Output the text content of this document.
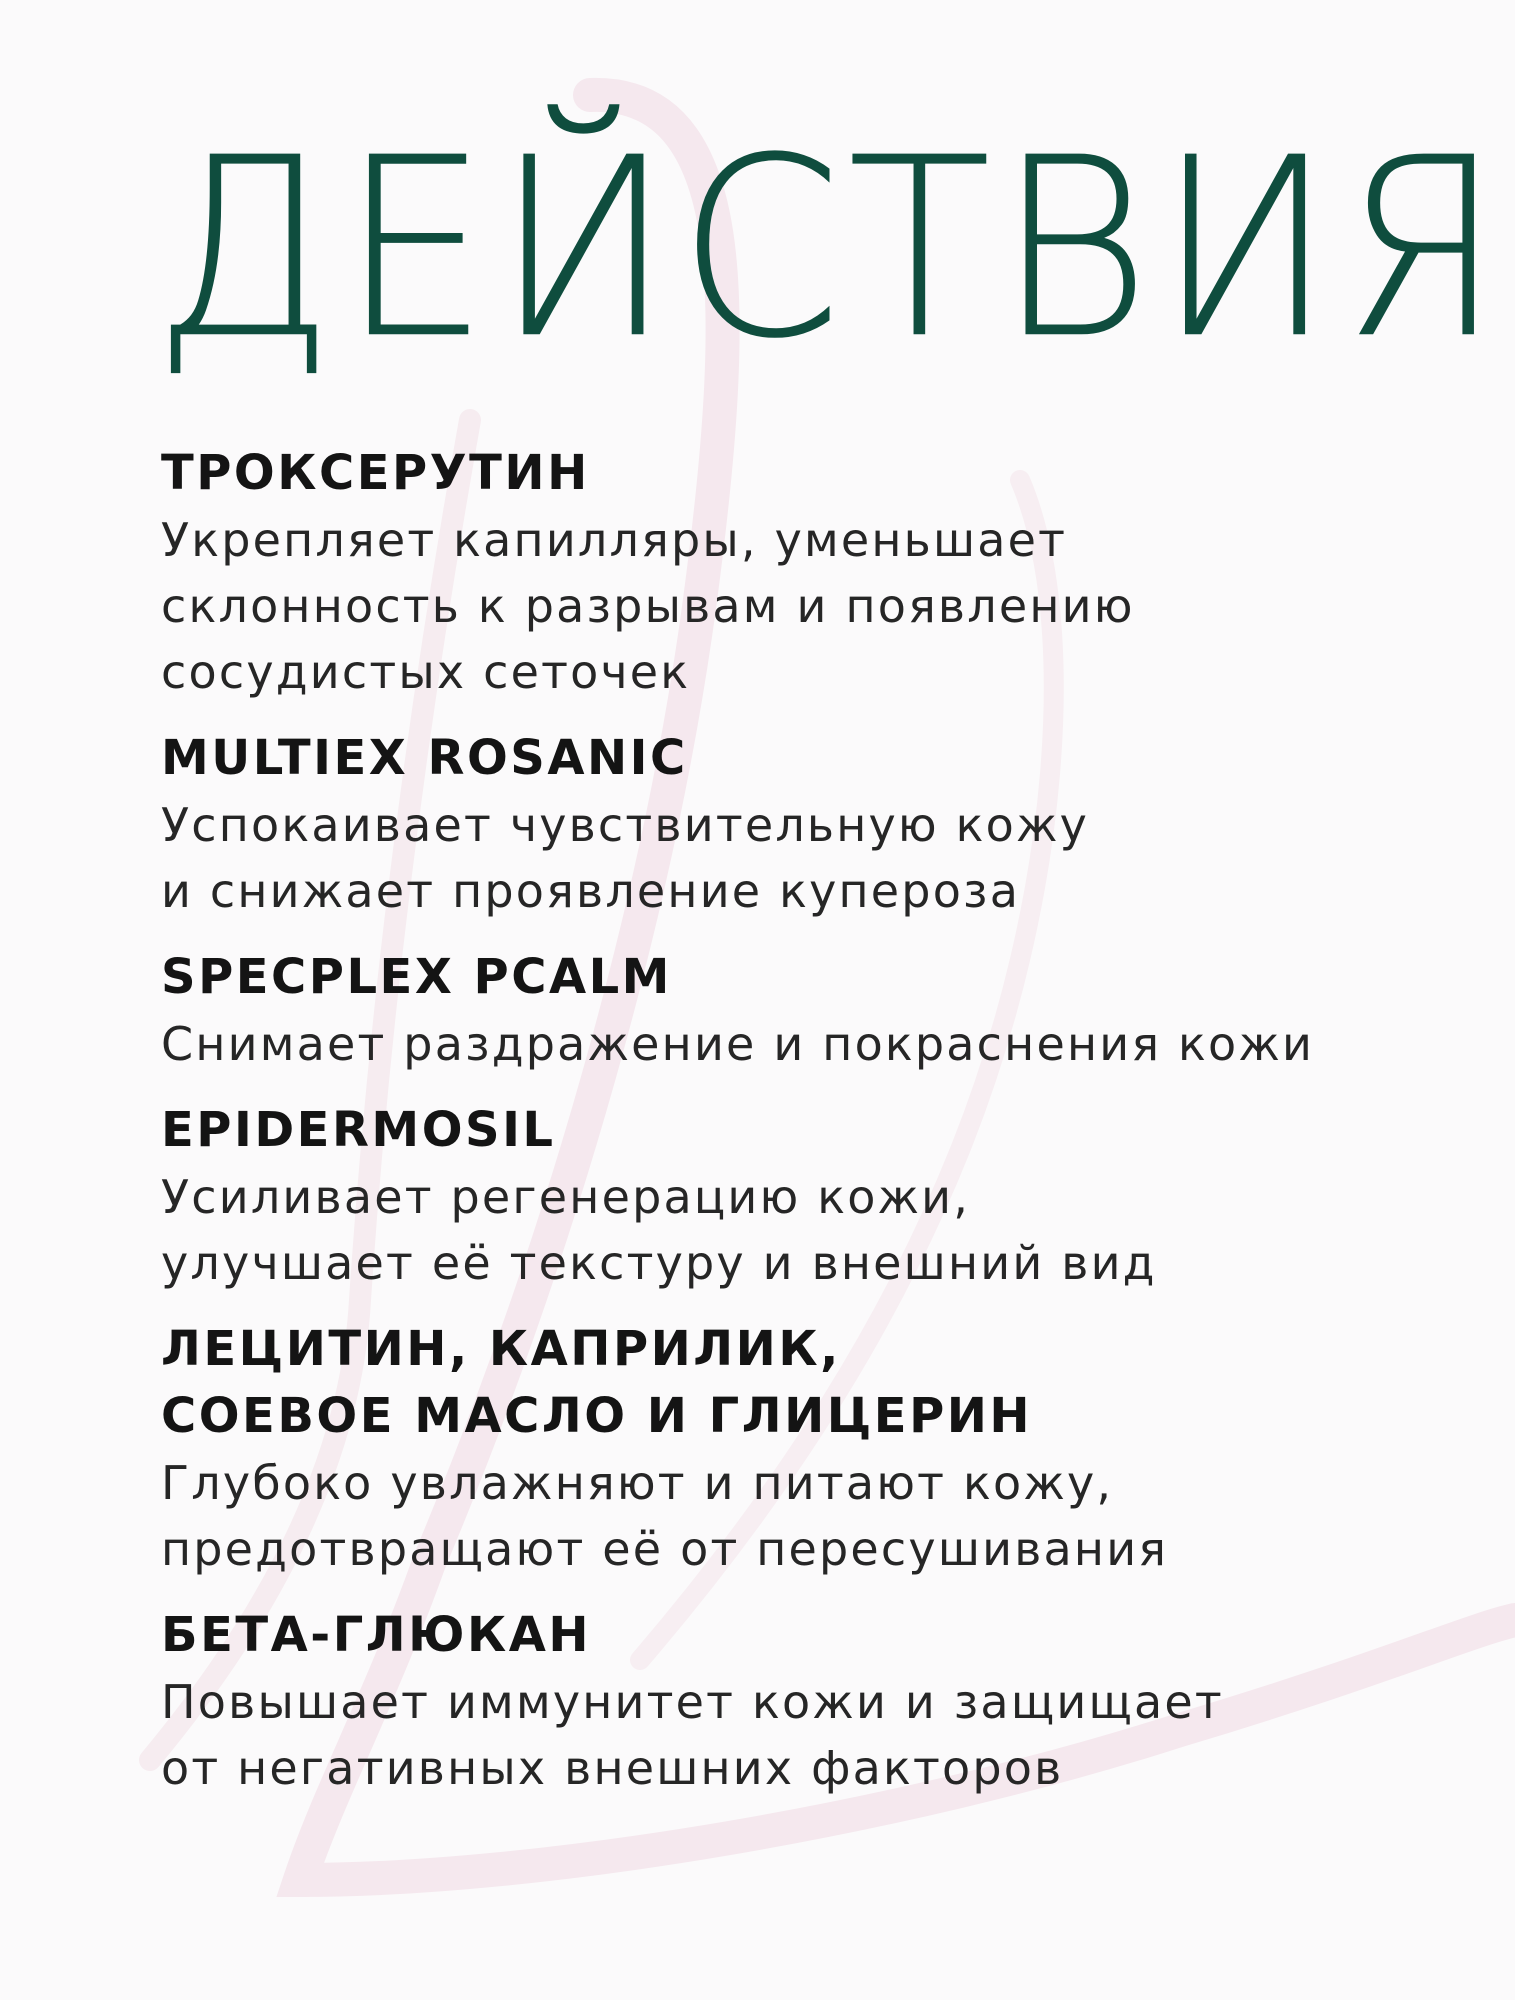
ДЕЙСТВИЯ

ТРОКСЕРУТИН

Укрепляет капилляры, уменьшает
склонность к разрывам и появлению
сосудистых сеточек

MULTIEX ROSANIC

Успокаивает чувствительную кожу
и снижает проявление купероза

SPECPLEX PCALM

Снимает раздражение и покраснения кожи

EPIDERMOSIL

Усиливает регенерацию кожи,
улучшает её текстуру и внешний вид

ЛЕЦИТИН, КАПРИЛИК,
СОЕВОЕ МАСЛО И ГЛИЦЕРИН

Глубоко увлажняют и питают кожу,
предотвращают её от пересушивания

БЕТА-ГЛЮКАН

Повышает иммунитет кожи и защищает
от негативных внешних факторов
